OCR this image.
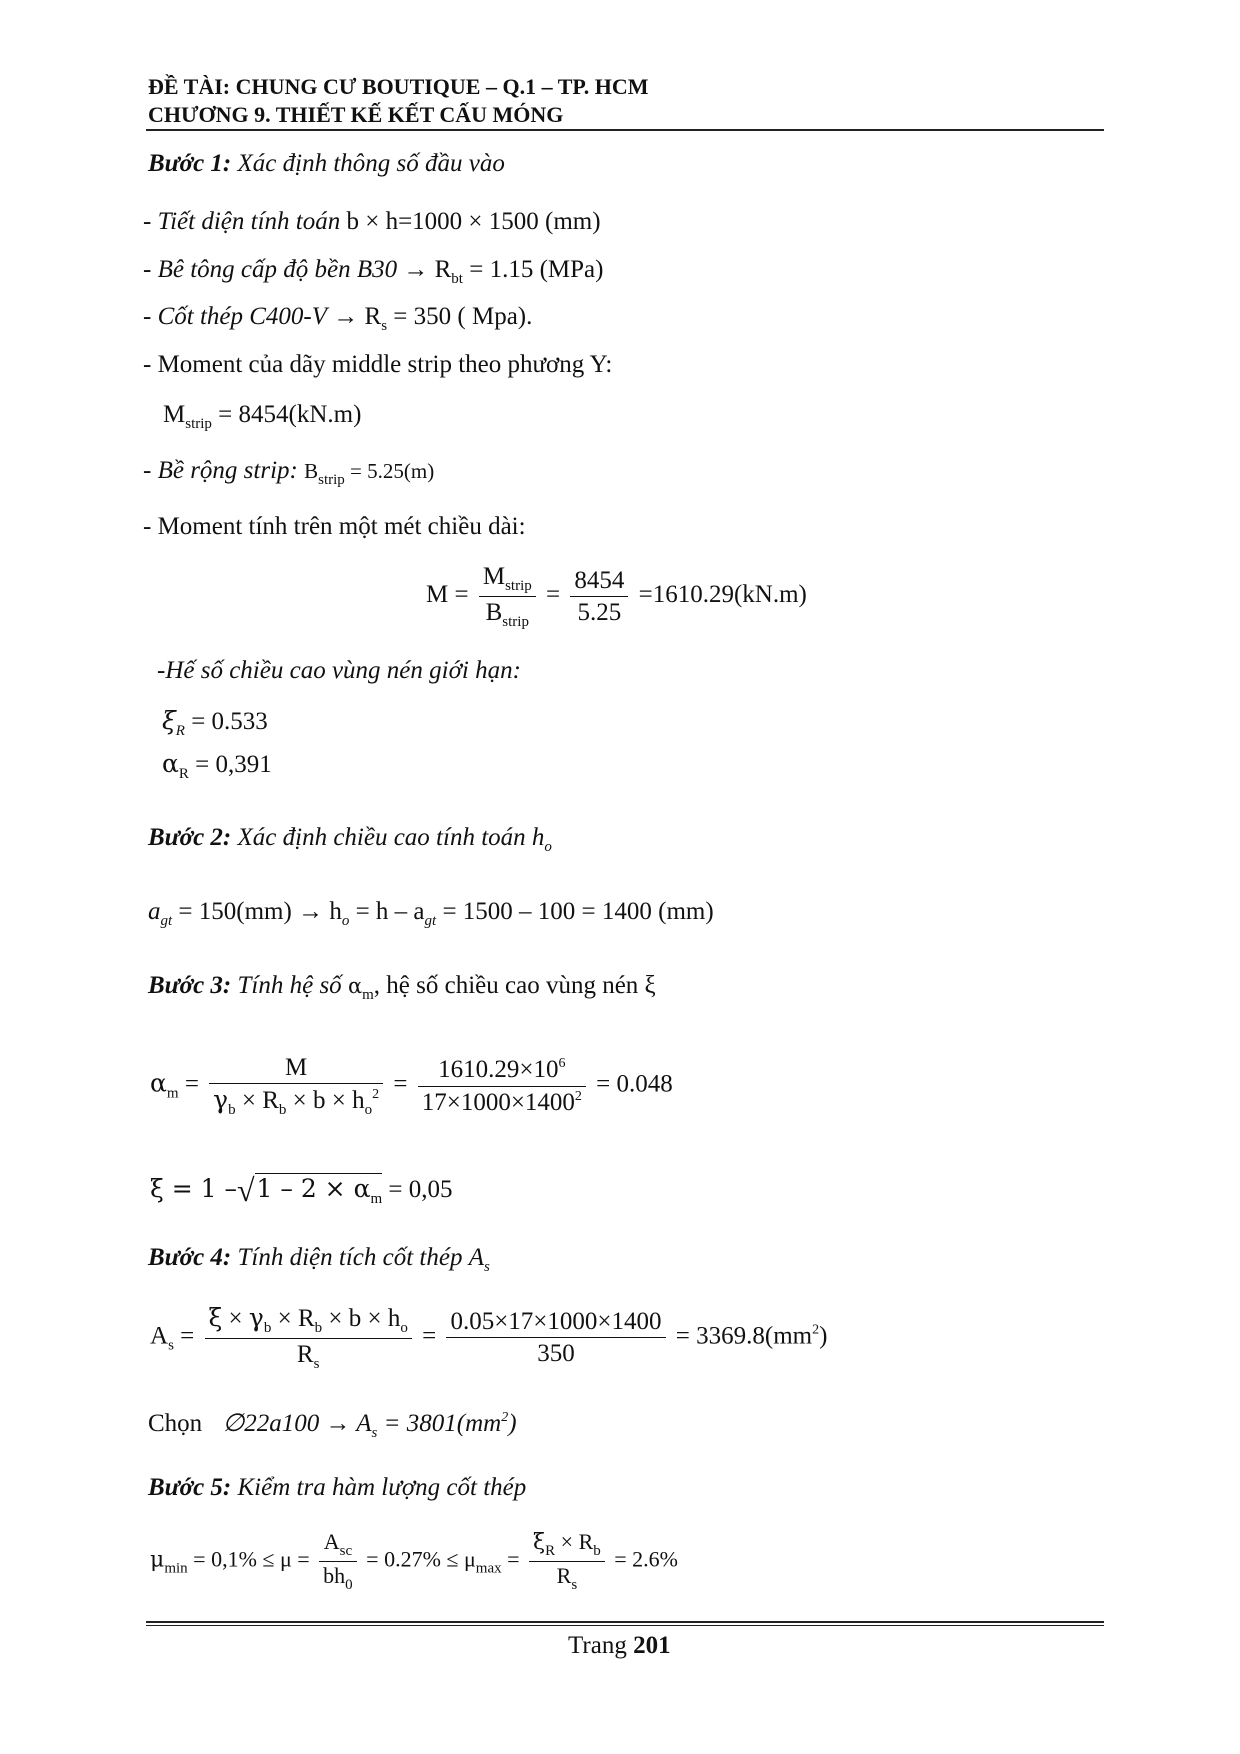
ĐỀ TÀI: CHUNG CƯ BOUTIQUE – Q.1 – TP. HCM
CHƯƠNG 9. THIẾT KẾ KẾT CẤU MÓNG
Bước 1: Xác định thông số đầu vào
- Tiết diện tính toán b × h=1000 × 1500 (mm)
- Bê tông cấp độ bền $B30 \to R_{bt} = 1.15$ (MPa)
- Cốt thép $C400-V \to R_s = 350$ ( Mpa).
- Moment của dãy middle strip theo phương Y:
$M_{strip} = 8454(kN.m)$
- Bề rộng strip: $B_{strip} = 5.25(m)$
- Moment tính trên một mét chiều dài:
$M = \frac{M_{strip}}{B_{strip}} = \frac{8454}{5.25} =1610.29(kN.m)$
-Hế số chiều cao vùng nén giới hạn:
$\xi_R = 0.533$
$\alpha_R = 0,391$
Bước 2: Xác định chiều cao tính toán $h_o$
$a_{gt} = 150(mm) \to h_o = h - a_{gt} = 1500 - 100 = 1400$ (mm)
Bước 3: Tính hệ số $\alpha_m$, hệ số chiều cao vùng nén ξ
$\alpha_m = \frac{M}{\gamma_b \times R_b \times b \times h_o^2} = \frac{1610.29\times 10^6}{17\times 1000\times 1400^2} = 0.048$
ξ = 1 $-√1 - 2 \times \alpha_m = 0,05$
Bước 4: Tính diện tích cốt thép $A_s$
$A_s = \frac{\xi \times \gamma_b \times R_b \times b \times h_o}{R_s} = \frac{0.05\times 17\times 1000\times 1400}{350} = 3369.8(mm^2)$
Chọn ∅22a100 → $A_s = 3801(mm^2)$
Bước 5: Kiểm tra hàm lượng cốt thép
$\mu_{min} = 0,1\% \le \mu = \frac{A_{sc}}{bh_0} = 0.27\% \le \mu_{max} = \frac{\xi_R \times R_b}{R_s} = 2.6\%$
Trang 201
